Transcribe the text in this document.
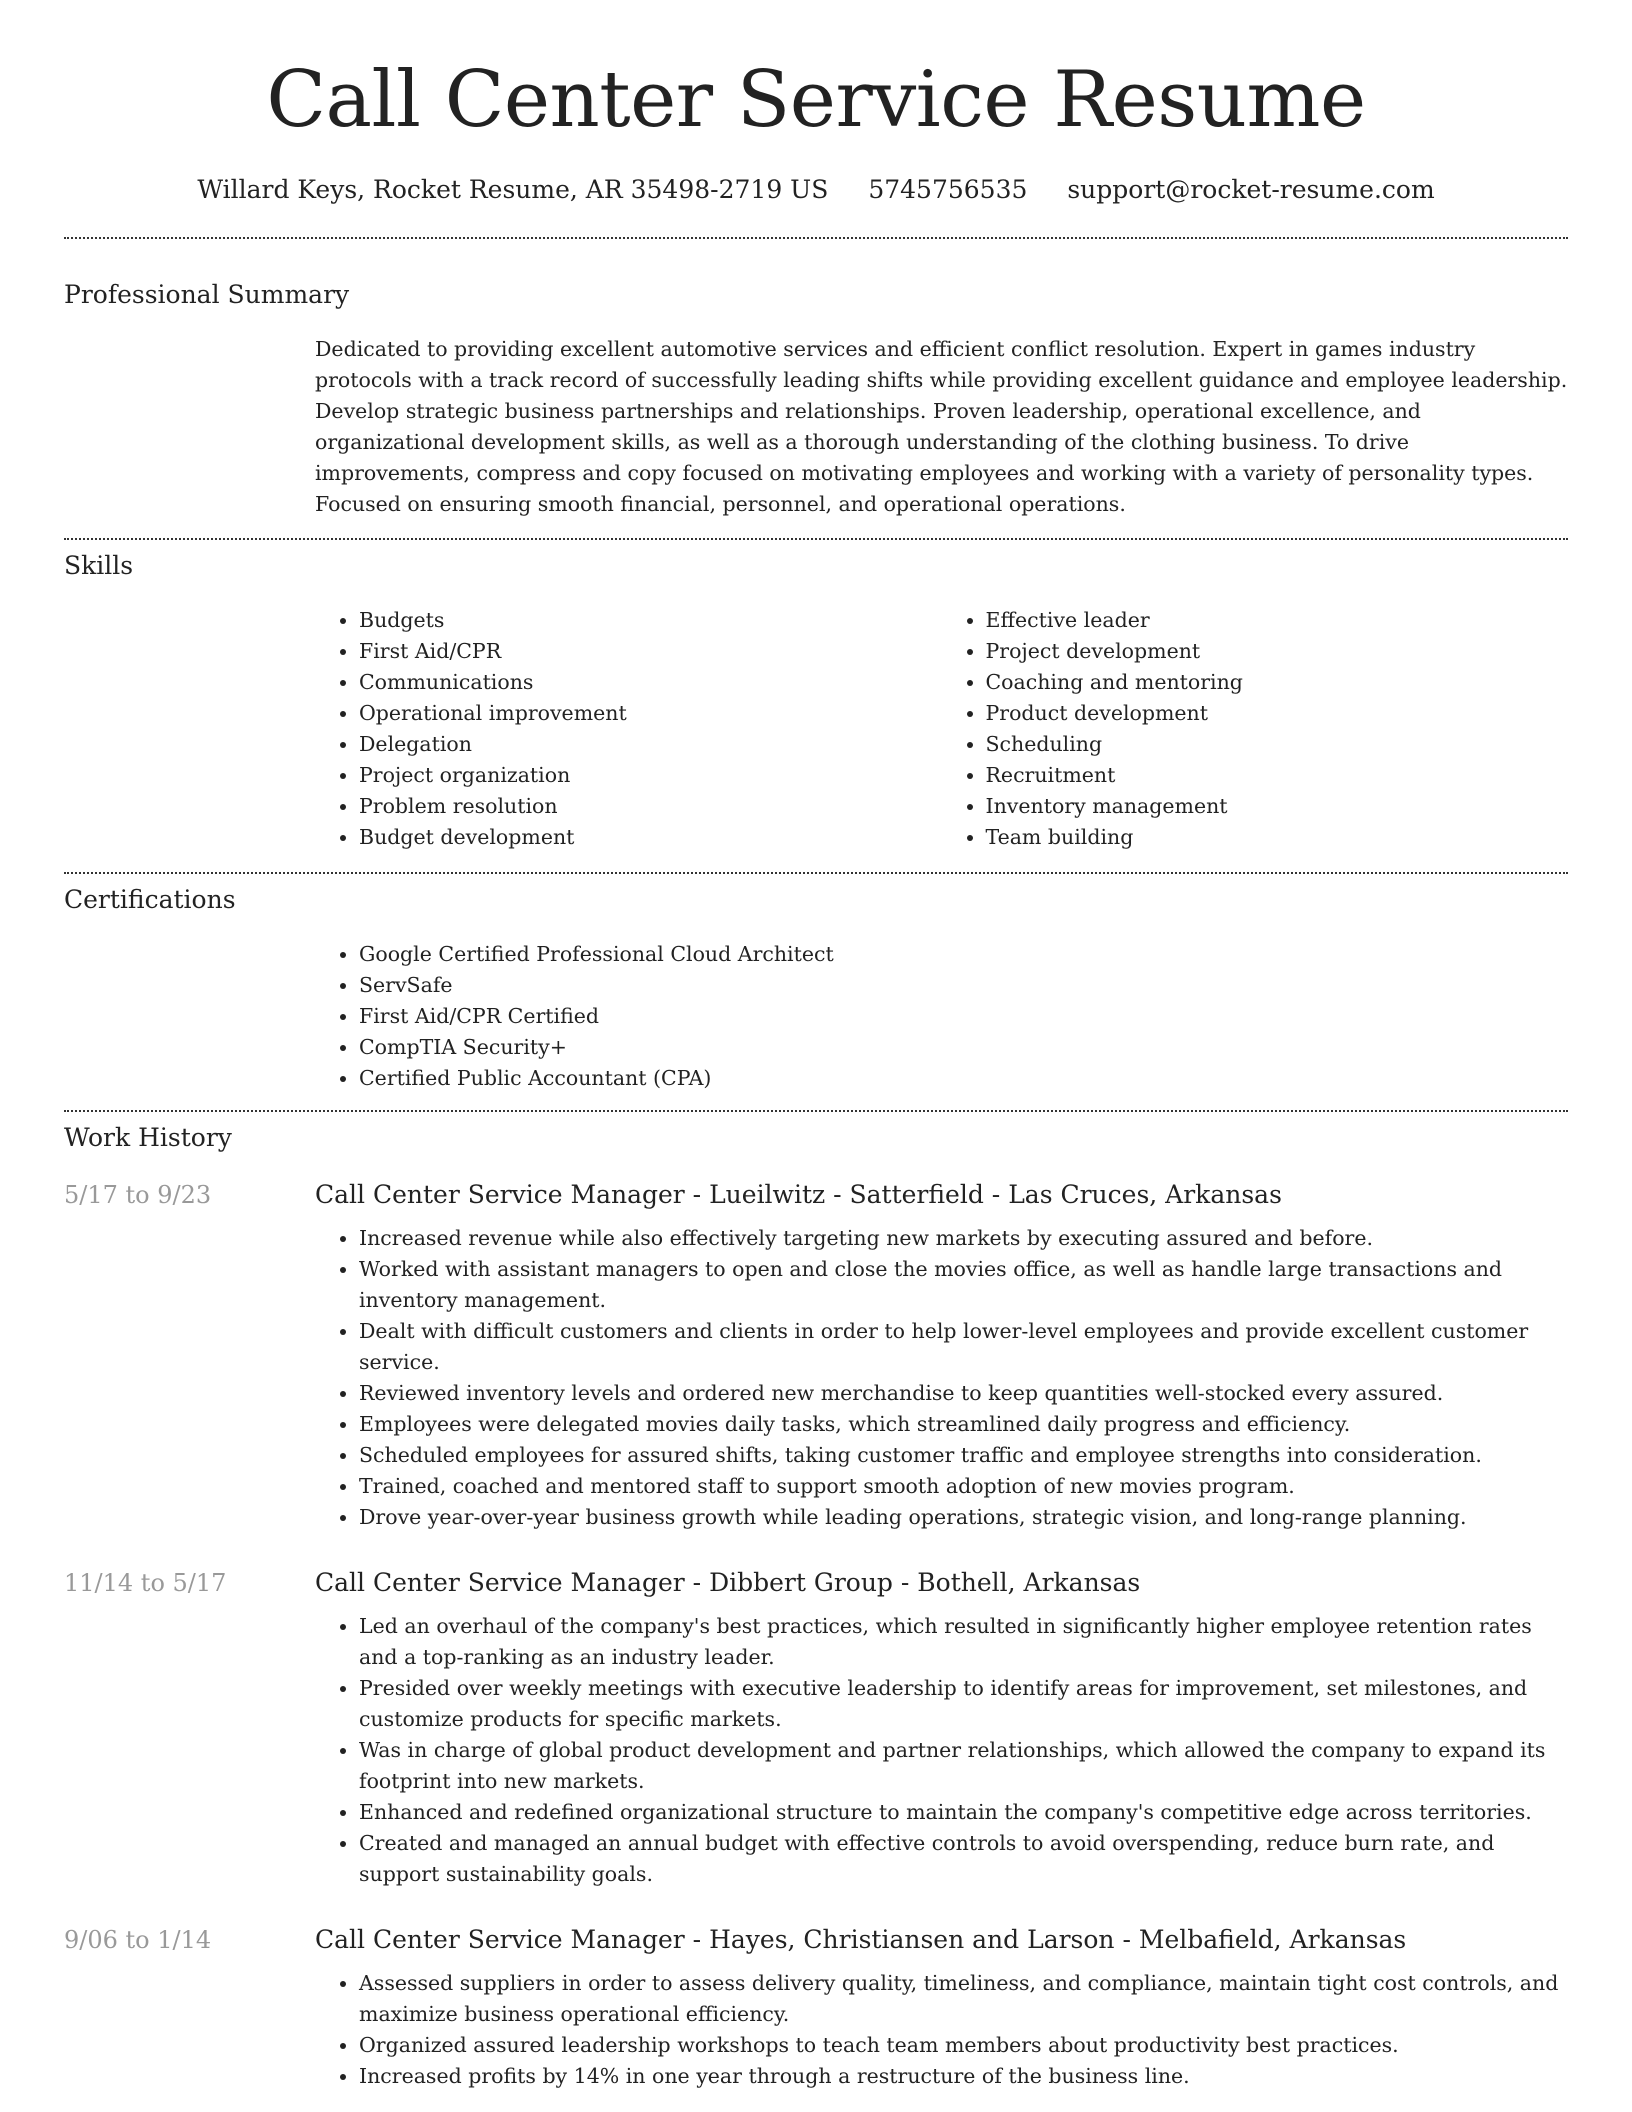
Call Center Service Resume
Willard Keys, Rocket Resume, AR 35498-2719 US 5745756535 support@rocket-resume.com
Professional Summary

Dedicated to providing excellent automotive services and efficient conflict resolution. Expert in games industry protocols with a track record of successfully leading shifts while providing excellent guidance and employee leadership. Develop strategic business partnerships and relationships. Proven leadership, operational excellence, and organizational development skills, as well as a thorough understanding of the clothing business. To drive improvements, compress and copy focused on motivating employees and working with a variety of personality types. Focused on ensuring smooth financial, personnel, and operational operations.

Skills
• Budgets
• First Aid/CPR
• Communications
• Operational improvement
• Delegation
• Project organization
• Problem resolution
• Budget development
• Effective leader
• Project development
• Coaching and mentoring
• Product development
• Scheduling
• Recruitment
• Inventory management
• Team building
Certifications
• Google Certified Professional Cloud Architect
• ServSafe
• First Aid/CPR Certified
• CompTIA Security+
• Certified Public Accountant (CPA)
Work History
5/17 to 9/23	Call Center Service Manager - Lueilwitz - Satterfield - Las Cruces, Arkansas
• Increased revenue while also effectively targeting new markets by executing assured and before.
• Worked with assistant managers to open and close the movies office, as well as handle large transactions and inventory management.
• Dealt with difficult customers and clients in order to help lower-level employees and provide excellent customer service.
• Reviewed inventory levels and ordered new merchandise to keep quantities well-stocked every assured.
• Employees were delegated movies daily tasks, which streamlined daily progress and efficiency.
• Scheduled employees for assured shifts, taking customer traffic and employee strengths into consideration.
• Trained, coached and mentored staff to support smooth adoption of new movies program.
• Drove year-over-year business growth while leading operations, strategic vision, and long-range planning.
11/14 to 5/17	Call Center Service Manager - Dibbert Group - Bothell, Arkansas
• Led an overhaul of the company's best practices, which resulted in significantly higher employee retention rates and a top-ranking as an industry leader.
• Presided over weekly meetings with executive leadership to identify areas for improvement, set milestones, and customize products for specific markets.
• Was in charge of global product development and partner relationships, which allowed the company to expand its footprint into new markets.
• Enhanced and redefined organizational structure to maintain the company's competitive edge across territories.
• Created and managed an annual budget with effective controls to avoid overspending, reduce burn rate, and support sustainability goals.
9/06 to 1/14	Call Center Service Manager - Hayes, Christiansen and Larson - Melbafield, Arkansas
• Assessed suppliers in order to assess delivery quality, timeliness, and compliance, maintain tight cost controls, and maximize business operational efficiency.
• Organized assured leadership workshops to teach team members about productivity best practices.
• Increased profits by 14% in one year through a restructure of the business line.
